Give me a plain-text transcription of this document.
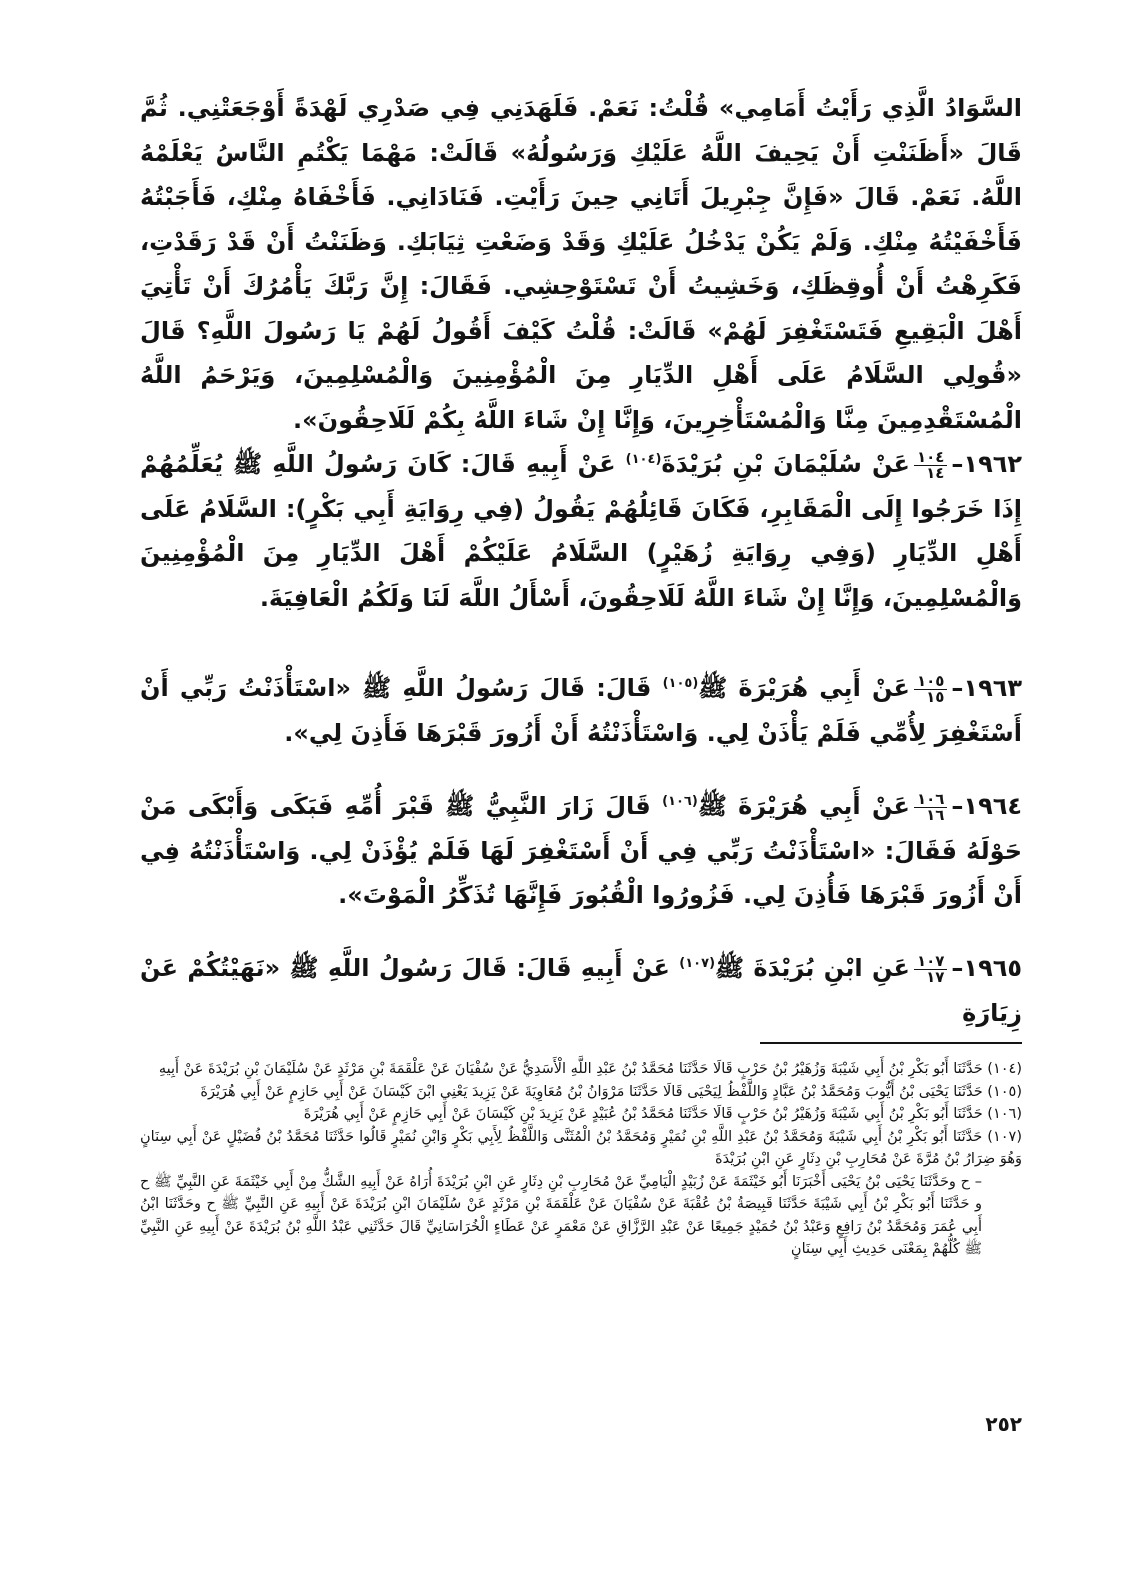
السَّوَادُ الَّذِي رَأَيْتُ أَمَامِي» قُلْتُ: نَعَمْ. فَلَهَدَنِي فِي صَدْرِي لَهْدَةً أَوْجَعَتْنِي. ثُمَّ قَالَ «أَظَنَنْتِ أَنْ يَحِيفَ اللَّهُ عَلَيْكِ وَرَسُولُهُ» قَالَتْ: مَهْمَا يَكْتُمِ النَّاسُ يَعْلَمْهُ اللَّهُ. نَعَمْ. قَالَ «فَإِنَّ جِبْرِيلَ أَتَانِي حِينَ رَأَيْتِ. فَنَادَانِي. فَأَخْفَاهُ مِنْكِ، فَأَجَبْتُهُ فَأَخْفَيْتُهُ مِنْكِ. وَلَمْ يَكُنْ يَدْخُلُ عَلَيْكِ وَقَدْ وَضَعْتِ ثِيَابَكِ. وَظَنَنْتُ أَنْ قَدْ رَقَدْتِ، فَكَرِهْتُ أَنْ أُوقِظَكِ، وَخَشِيتُ أَنْ تَسْتَوْحِشِي. فَقَالَ: إِنَّ رَبَّكَ يَأْمُرُكَ أَنْ تَأْتِيَ أَهْلَ الْبَقِيعِ فَتَسْتَغْفِرَ لَهُمْ» قَالَتْ: قُلْتُ كَيْفَ أَقُولُ لَهُمْ يَا رَسُولَ اللَّهِ؟ قَالَ «قُولِي السَّلَامُ عَلَى أَهْلِ الدِّيَارِ مِنَ الْمُؤْمِنِينَ وَالْمُسْلِمِينَ، وَيَرْحَمُ اللَّهُ الْمُسْتَقْدِمِينَ مِنَّا وَالْمُسْتَأْخِرِينَ، وَإِنَّا إِنْ شَاءَ اللَّهُ بِكُمْ لَلَاحِقُونَ».

١٩٦٢–
$\frac{١٠٤}{١٤}$
عَنْ سُلَيْمَانَ بْنِ بُرَيْدَةَ$^{(١٠٤)}$ عَنْ أَبِيهِ قَالَ: كَانَ رَسُولُ اللَّهِ ﷺ يُعَلِّمُهُمْ إِذَا خَرَجُوا إِلَى الْمَقَابِرِ، فَكَانَ قَائِلُهُمْ يَقُولُ (فِي رِوَايَةِ أَبِي بَكْرٍ): السَّلَامُ عَلَى أَهْلِ الدِّيَارِ (وَفِي رِوَايَةِ زُهَيْرٍ) السَّلَامُ عَلَيْكُمْ أَهْلَ الدِّيَارِ مِنَ الْمُؤْمِنِينَ وَالْمُسْلِمِينَ، وَإِنَّا إِنْ شَاءَ اللَّهُ لَلَاحِقُونَ، أَسْأَلُ اللَّهَ لَنَا وَلَكُمُ الْعَافِيَةَ.
١٩٦٣–
$\frac{١٠٥}{١٥}$
عَنْ أَبِي هُرَيْرَةَ ﷺ$^{(١٠٥)}$ قَالَ: قَالَ رَسُولُ اللَّهِ ﷺ «اسْتَأْذَنْتُ رَبِّي أَنْ أَسْتَغْفِرَ لِأُمِّي فَلَمْ يَأْذَنْ لِي. وَاسْتَأْذَنْتُهُ أَنْ أَزُورَ قَبْرَهَا فَأَذِنَ لِي».
١٩٦٤–
$\frac{١٠٦}{١٦}$
عَنْ أَبِي هُرَيْرَةَ ﷺ$^{(١٠٦)}$ قَالَ زَارَ النَّبِيُّ ﷺ قَبْرَ أُمِّهِ فَبَكَى وَأَبْكَى مَنْ حَوْلَهُ فَقَالَ: «اسْتَأْذَنْتُ رَبِّي فِي أَنْ أَسْتَغْفِرَ لَهَا فَلَمْ يُؤْذَنْ لِي. وَاسْتَأْذَنْتُهُ فِي أَنْ أَزُورَ قَبْرَهَا فَأُذِنَ لِي. فَزُورُوا الْقُبُورَ فَإِنَّهَا تُذَكِّرُ الْمَوْتَ».
١٩٦٥–
$\frac{١٠٧}{١٧}$
عَنِ ابْنِ بُرَيْدَةَ ﷺ$^{(١٠٧)}$ عَنْ أَبِيهِ قَالَ: قَالَ رَسُولُ اللَّهِ ﷺ «نَهَيْتُكُمْ عَنْ زِيَارَةِ

(١٠٤) حَدَّثَنَا أَبُو بَكْرِ بْنُ أَبِي شَيْبَةَ وَزُهَيْرُ بْنُ حَرْبٍ قَالَا حَدَّثَنَا مُحَمَّدُ بْنُ عَبْدِ اللَّهِ الْأَسَدِيُّ عَنْ سُفْيَانَ عَنْ عَلْقَمَةَ بْنِ مَرْثَدٍ عَنْ سُلَيْمَانَ بْنِ بُرَيْدَةَ عَنْ أَبِيهِ

(١٠٥) حَدَّثَنَا يَحْيَى بْنُ أَيُّوبَ وَمُحَمَّدُ بْنُ عَبَّادٍ وَاللَّفْظُ لِيَحْيَى قَالَا حَدَّثَنَا مَرْوَانُ بْنُ مُعَاوِيَةَ عَنْ يَزِيدَ يَعْنِي ابْنَ كَيْسَانَ عَنْ أَبِي حَازِمٍ عَنْ أَبِي هُرَيْرَةَ

(١٠٦) حَدَّثَنَا أَبُو بَكْرِ بْنُ أَبِي شَيْبَةَ وَزُهَيْرُ بْنُ حَرْبٍ قَالَا حَدَّثَنَا مُحَمَّدُ بْنُ عُبَيْدٍ عَنْ يَزِيدَ بْنِ كَيْسَانَ عَنْ أَبِي حَازِمٍ عَنْ أَبِي هُرَيْرَةَ

(١٠٧) حَدَّثَنَا أَبُو بَكْرِ بْنُ أَبِي شَيْبَةَ وَمُحَمَّدُ بْنُ عَبْدِ اللَّهِ بْنِ نُمَيْرٍ وَمُحَمَّدُ بْنُ الْمُثَنَّى وَاللَّفْظُ لِأَبِي بَكْرٍ وَابْنِ نُمَيْرٍ قَالُوا حَدَّثَنَا مُحَمَّدُ بْنُ فُضَيْلٍ عَنْ أَبِي سِنَانٍ وَهُوَ ضِرَارُ بْنُ مُرَّةَ عَنْ مُحَارِبِ بْنِ دِثَارٍ عَنِ ابْنِ بُرَيْدَةَ
– ح وحَدَّثَنَا يَحْيَى بْنُ يَحْيَى أَخْبَرَنَا أَبُو خَيْثَمَةَ عَنْ زُبَيْدٍ الْيَامِيِّ عَنْ مُحَارِبِ بْنِ دِثَارٍ عَنِ ابْنِ بُرَيْدَةَ أُرَاهُ عَنْ أَبِيهِ الشَّكُّ مِنْ أَبِي خَيْثَمَةَ عَنِ النَّبِيِّ ﷺ ح و حَدَّثَنَا أَبُو بَكْرِ بْنُ أَبِي شَيْبَةَ حَدَّثَنَا قَبِيصَةُ بْنُ عُقْبَةَ عَنْ سُفْيَانَ عَنْ عَلْقَمَةَ بْنِ مَرْثَدٍ عَنْ سُلَيْمَانَ ابْنِ بُرَيْدَةَ عَنْ أَبِيهِ عَنِ النَّبِيِّ ﷺ ح وحَدَّثَنَا ابْنُ أَبِي عُمَرَ وَمُحَمَّدُ بْنُ رَافِعٍ وَعَبْدُ بْنُ حُمَيْدٍ جَمِيعًا عَنْ عَبْدِ الرَّزَّاقِ عَنْ مَعْمَرٍ عَنْ عَطَاءٍ الْخُرَاسَانِيِّ قَالَ حَدَّثَنِي عَبْدُ اللَّهِ بْنُ بُرَيْدَةَ عَنْ أَبِيهِ عَنِ النَّبِيِّ ﷺ كُلُّهُمْ بِمَعْنَى حَدِيثِ أَبِي سِنَانٍ

٢٥٢
